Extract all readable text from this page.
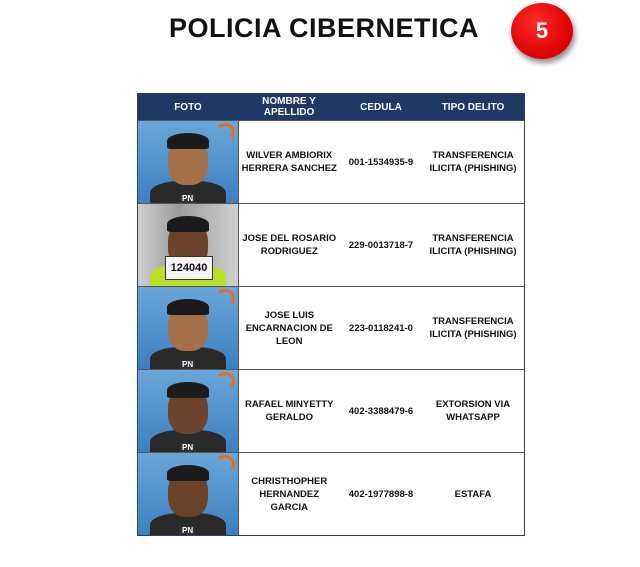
POLICIA CIBERNETICA	5
FOTO	NOMBRE Y APELLIDO	CEDULA	TIPO DELITO

PN	WILVER AMBIORIX HERRERA SANCHEZ	001-1534935-9	TRANSFERENCIA ILICITA (PHISHING)

124040	JOSE DEL ROSARIO RODRIGUEZ	229-0013718-7	TRANSFERENCIA ILICITA (PHISHING)

PN	JOSE LUIS ENCARNACION DE LEON	223-0118241-0	TRANSFERENCIA ILICITA (PHISHING)

PN	RAFAEL MINYETTY GERALDO	402-3388479-6	EXTORSION VIA WHATSAPP

PN	CHRISTHOPHER HERNANDEZ GARCIA	402-1977898-8	ESTAFA
